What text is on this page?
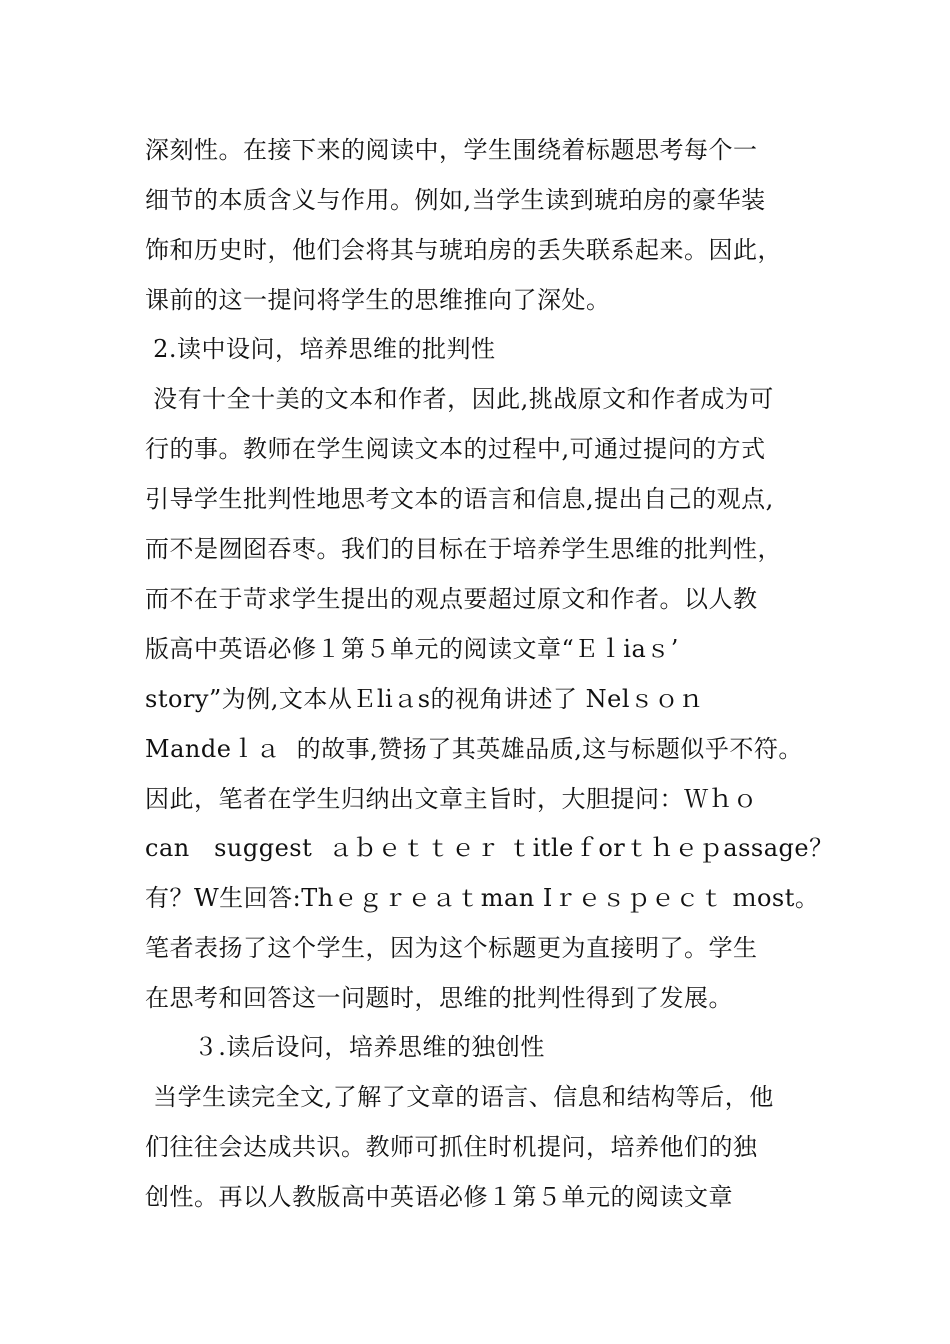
深刻性。在接下来的阅读中，学生围绕着标题思考每个一
细节的本质含义与作用。例如,当学生读到琥珀房的豪华装
饰和历史时，他们会将其与琥珀房的丢失联系起来。因此，
课前的这一提问将学生的思维推向了深处。
2.读中设问，培养思维的批判性
没有十全十美的文本和作者，因此,挑战原文和作者成为可
行的事。教师在学生阅读文本的过程中,可通过提问的方式
引导学生批判性地思考文本的语言和信息,提出自己的观点,
而不是囫囵吞枣。我们的目标在于培养学生思维的批判性，
而不在于苛求学生提出的观点要超过原文和作者。以人教
版高中英语必修１第５单元的阅读文章“Ｅｌiaｓ’
story”为例,文本从Ｅliａs的视角讲述了 Nelｓｏｎ
Mandeｌａ  的故事,赞扬了其英雄品质,这与标题似乎不符。
因此，笔者在学生归纳出文章主旨时，大胆提问：Ｗｈｏ
can   suggest  ａｂｅｔｔｅｒ ｔitleｆorｔｈｅｐassage？
有？W生回答:Thｅｇｒｅａｔman Iｒｅｓｐｅｃｔ ｍost。
笔者表扬了这个学生，因为这个标题更为直接明了。学生
在思考和回答这一问题时，思维的批判性得到了发展。
３.读后设问，培养思维的独创性
当学生读完全文,了解了文章的语言、信息和结构等后，他
们往往会达成共识。教师可抓住时机提问，培养他们的独
创性。再以人教版高中英语必修１第５单元的阅读文章
